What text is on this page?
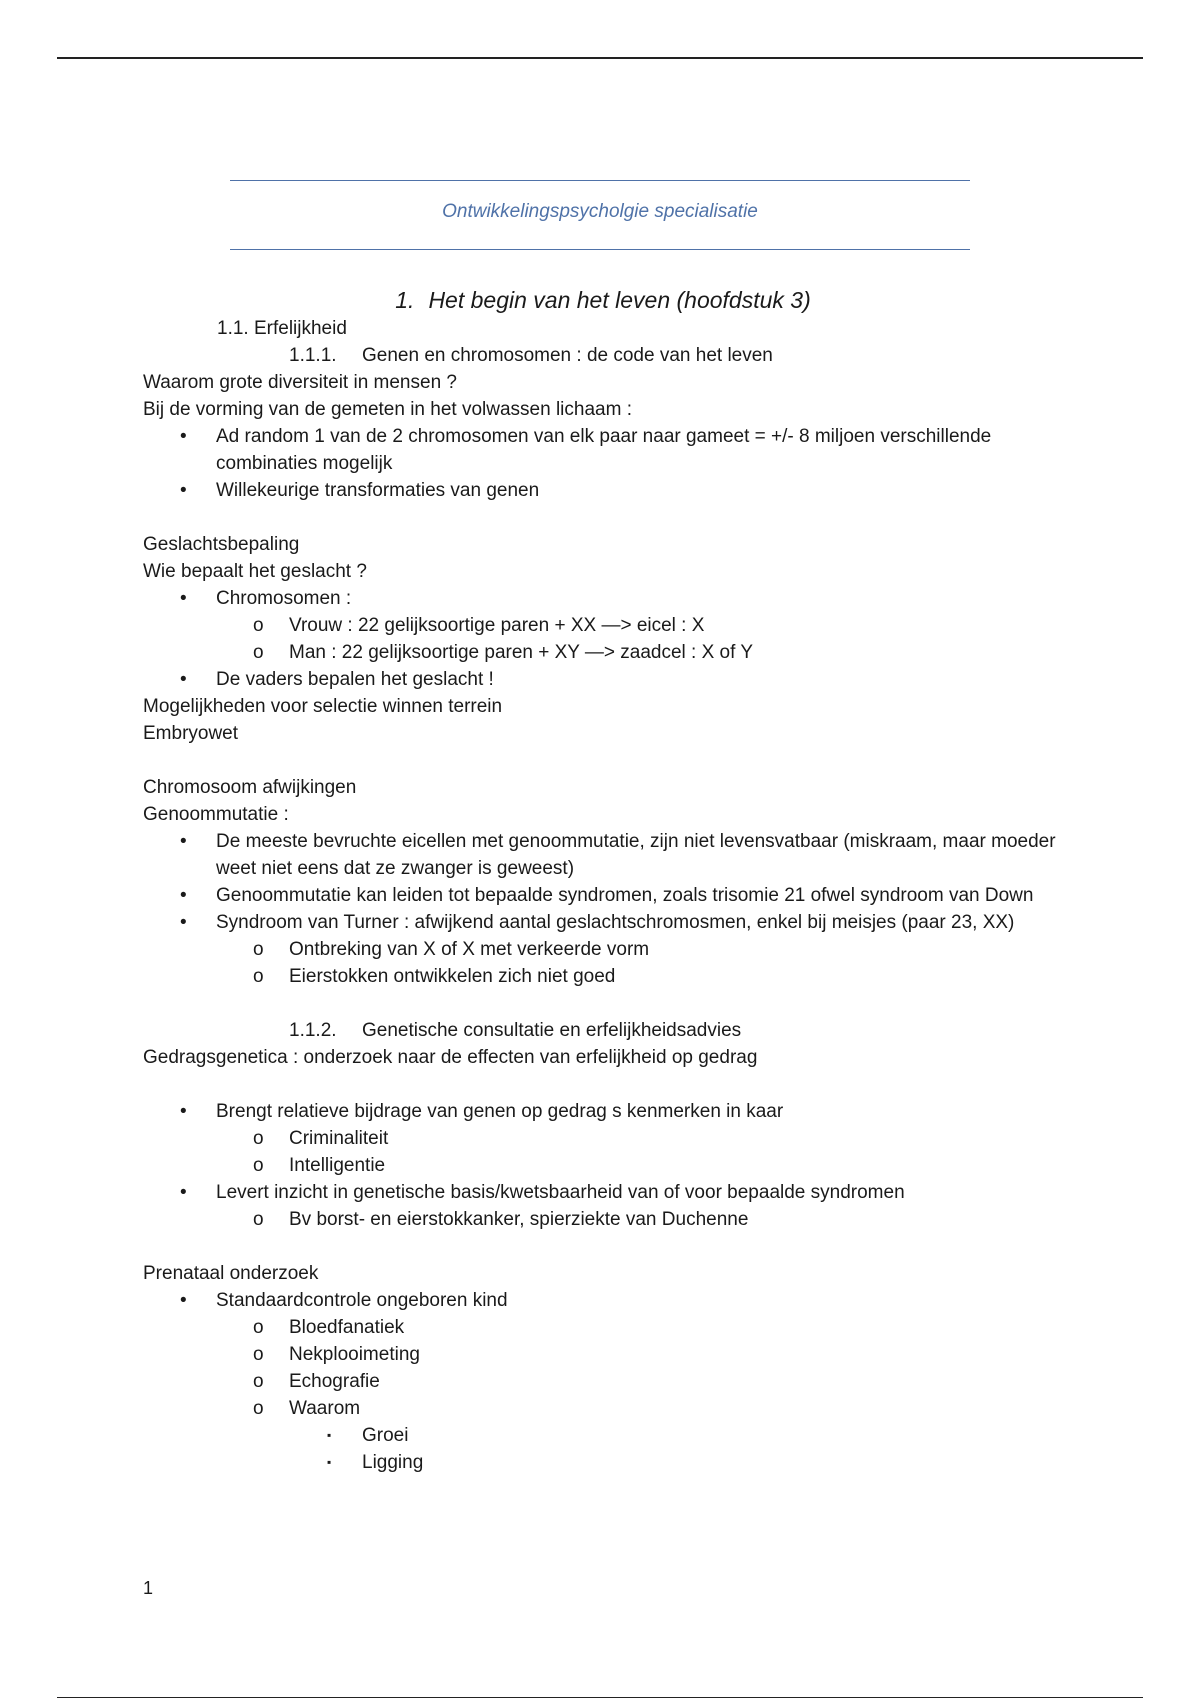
Ontwikkelingspsycholgie specialisatie
1. Het begin van het leven (hoofdstuk 3)
1.1. Erfelijkheid
1.1.1. Genen en chromosomen : de code van het leven
Waarom grote diversiteit in mensen ?
Bij de vorming van de gemeten in het volwassen lichaam :
• Ad random 1 van de 2 chromosomen van elk paar naar gameet = +/- 8 miljoen verschillende combinaties mogelijk
• Willekeurige transformaties van genen
Geslachtsbepaling
Wie bepaalt het geslacht ?
• Chromosomen :
o Vrouw : 22 gelijksoortige paren + XX —> eicel : X
o Man : 22 gelijksoortige paren + XY —> zaadcel : X of Y
• De vaders bepalen het geslacht !
Mogelijkheden voor selectie winnen terrein
Embryowet
Chromosoom afwijkingen
Genoommutatie :
• De meeste bevruchte eicellen met genoommutatie, zijn niet levensvatbaar (miskraam, maar moeder weet niet eens dat ze zwanger is geweest)
• Genoommutatie kan leiden tot bepaalde syndromen, zoals trisomie 21 ofwel syndroom van Down
• Syndroom van Turner : afwijkend aantal geslachtschromosmen, enkel bij meisjes (paar 23, XX)
o Ontbreking van X of X met verkeerde vorm
o Eierstokken ontwikkelen zich niet goed
1.1.2. Genetische consultatie en erfelijkheidsadvies
Gedragsgenetica : onderzoek naar de effecten van erfelijkheid op gedrag
• Brengt relatieve bijdrage van genen op gedrag s kenmerken in kaar
o Criminaliteit
o Intelligentie
• Levert inzicht in genetische basis/kwetsbaarheid van of voor bepaalde syndromen
o Bv borst- en eierstokkanker, spierziekte van Duchenne
Prenataal onderzoek
• Standaardcontrole ongeboren kind
o Bloedfanatiek
o Nekplooimeting
o Echografie
o Waarom
▪ Groei
▪ Ligging
1
